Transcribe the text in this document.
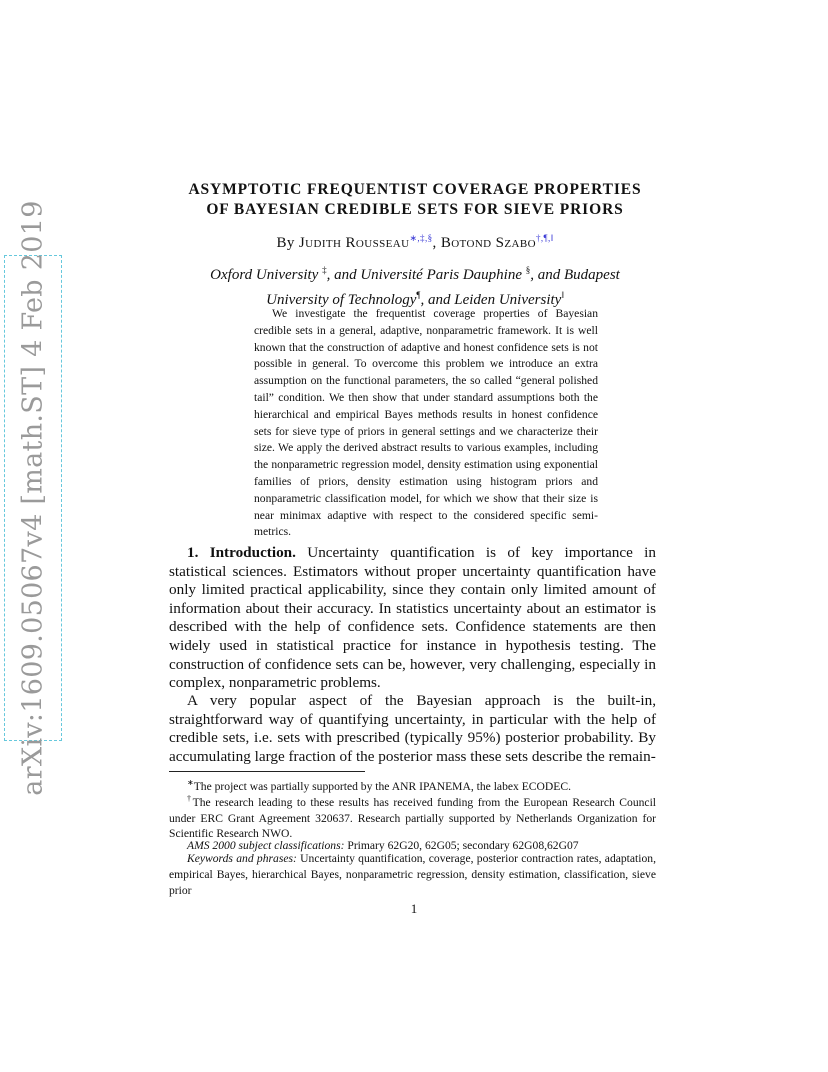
arXiv:1609.05067v4 [math.ST] 4 Feb 2019
ASYMPTOTIC FREQUENTIST COVERAGE PROPERTIES
OF BAYESIAN CREDIBLE SETS FOR SIEVE PRIORS
By Judith Rousseau∗,‡,§, Botond Szabo†,¶,‖
Oxford University ‡, and Université Paris Dauphine §, and Budapest
University of Technology¶, and Leiden University‖

We investigate the frequentist coverage properties of Bayesian credible sets in a general, adaptive, nonparametric framework. It is well known that the construction of adaptive and honest confidence sets is not possible in general. To overcome this problem we introduce an extra assumption on the functional parameters, the so called “general polished tail” condition. We then show that under standard assumptions both the hierarchical and empirical Bayes methods results in honest confidence sets for sieve type of priors in general settings and we characterize their size. We apply the derived abstract results to various examples, including the nonparametric regression model, density estimation using exponential families of priors, density estimation using histogram priors and nonparametric classification model, for which we show that their size is near minimax adaptive with respect to the considered specific semi-metrics.

1. Introduction. Uncertainty quantification is of key importance in statistical sciences. Estimators without proper uncertainty quantification have only limited practical applicability, since they contain only limited amount of information about their accuracy. In statistics uncertainty about an estimator is described with the help of confidence sets. Confidence statements are then widely used in statistical practice for instance in hypothesis testing. The construction of confidence sets can be, however, very challenging, especially in complex, nonparametric problems.

A very popular aspect of the Bayesian approach is the built-in, straightforward way of quantifying uncertainty, in particular with the help of credible sets, i.e. sets with prescribed (typically 95%) posterior probability. By accumulating large fraction of the posterior mass these sets describe the remain-

∗The project was partially supported by the ANR IPANEMA, the labex ECODEC.

†The research leading to these results has received funding from the European Research Council under ERC Grant Agreement 320637. Research partially supported by Netherlands Organization for Scientific Research NWO.

AMS 2000 subject classifications: Primary 62G20, 62G05; secondary 62G08,62G07

Keywords and phrases: Uncertainty quantification, coverage, posterior contraction rates, adaptation, empirical Bayes, hierarchical Bayes, nonparametric regression, density estimation, classification, sieve prior

1
